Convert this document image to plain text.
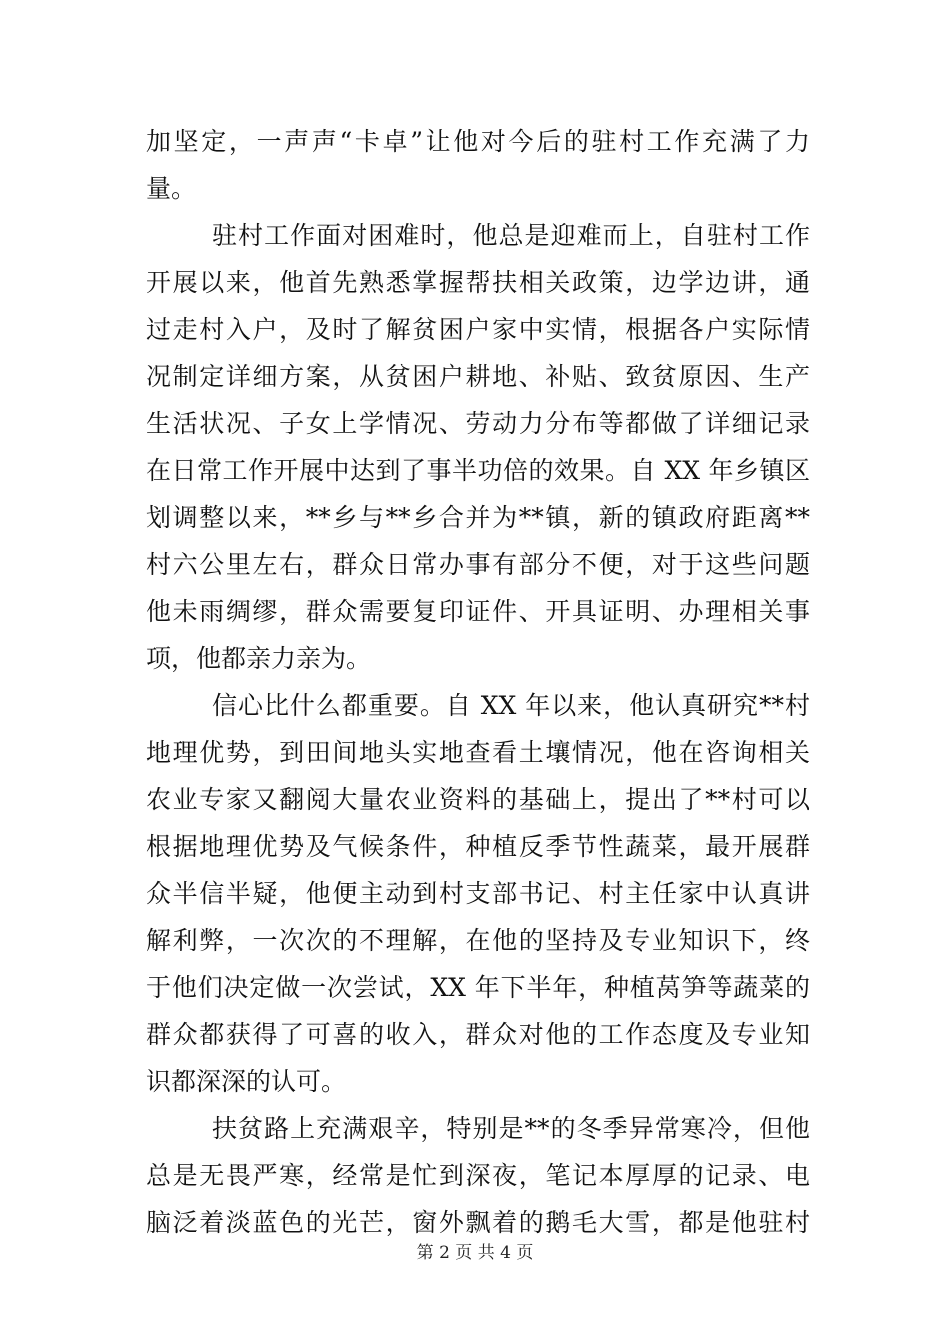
加坚定，一声声“卡卓”让他对今后的驻村工作充满了力
量。
驻村工作面对困难时，他总是迎难而上，自驻村工作
开展以来，他首先熟悉掌握帮扶相关政策，边学边讲，通
过走村入户，及时了解贫困户家中实情，根据各户实际情
况制定详细方案，从贫困户耕地、补贴、致贫原因、生产
生活状况、子女上学情况、劳动力分布等都做了详细记录
在日常工作开展中达到了事半功倍的效果。自 XX 年乡镇区
划调整以来，**乡与**乡合并为**镇，新的镇政府距离**
村六公里左右，群众日常办事有部分不便，对于这些问题
他未雨绸缪，群众需要复印证件、开具证明、办理相关事
项，他都亲力亲为。
信心比什么都重要。自 XX 年以来，他认真研究**村
地理优势，到田间地头实地查看土壤情况，他在咨询相关
农业专家又翻阅大量农业资料的基础上，提出了**村可以
根据地理优势及气候条件，种植反季节性蔬菜，最开展群
众半信半疑，他便主动到村支部书记、村主任家中认真讲
解利弊，一次次的不理解，在他的坚持及专业知识下，终
于他们决定做一次尝试，XX 年下半年，种植莴笋等蔬菜的
群众都获得了可喜的收入，群众对他的工作态度及专业知
识都深深的认可。
扶贫路上充满艰辛，特别是**的冬季异常寒冷，但他
总是无畏严寒，经常是忙到深夜，笔记本厚厚的记录、电
脑泛着淡蓝色的光芒，窗外飘着的鹅毛大雪，都是他驻村
第 2 页 共 4 页
